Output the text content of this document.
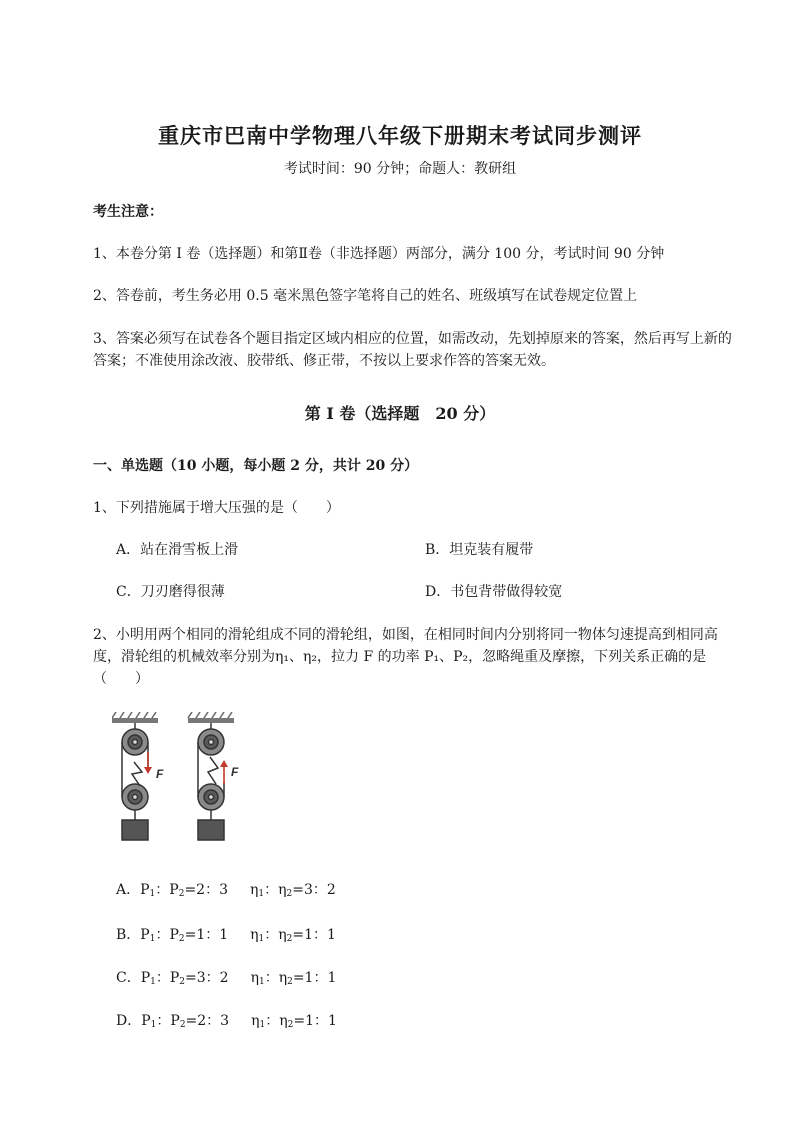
重庆市巴南中学物理八年级下册期末考试同步测评
考试时间：90 分钟；命题人：教研组
考生注意：
1、本卷分第 I 卷（选择题）和第Ⅱ卷（非选择题）两部分，满分 100 分，考试时间 90 分钟
2、答卷前，考生务必用 0.5 毫米黑色签字笔将自己的姓名、班级填写在试卷规定位置上
3、答案必须写在试卷各个题目指定区域内相应的位置，如需改动，先划掉原来的答案，然后再写上新的答案；不准使用涂改液、胶带纸、修正带，不按以上要求作答的答案无效。
第 I 卷（选择题　20 分）
一、单选题（10 小题，每小题 2 分，共计 20 分）
1、下列措施属于增大压强的是（　　）
A．站在滑雪板上滑	B．坦克装有履带
C．刀刃磨得很薄	D．书包背带做得较宽
2、小明用两个相同的滑轮组成不同的滑轮组，如图，在相同时间内分别将同一物体匀速提高到相同高度，滑轮组的机械效率分别为η₁、η₂，拉力 F 的功率 P₁、P₂，忽略绳重及摩擦，下列关系正确的是（　　）
F	F
A．$P_1$：$P_2=2$：3 $\eta_1$：$\eta_2=3$：2
B．$P_1$：$P_2=1$：1 $\eta_1$：$\eta_2=1$：1
C．$P_1$：$P_2=3$：2 $\eta_1$：$\eta_2=1$：1
D．$P_1$：$P_2=2$：3 $\eta_1$：$\eta_2=1$：1
